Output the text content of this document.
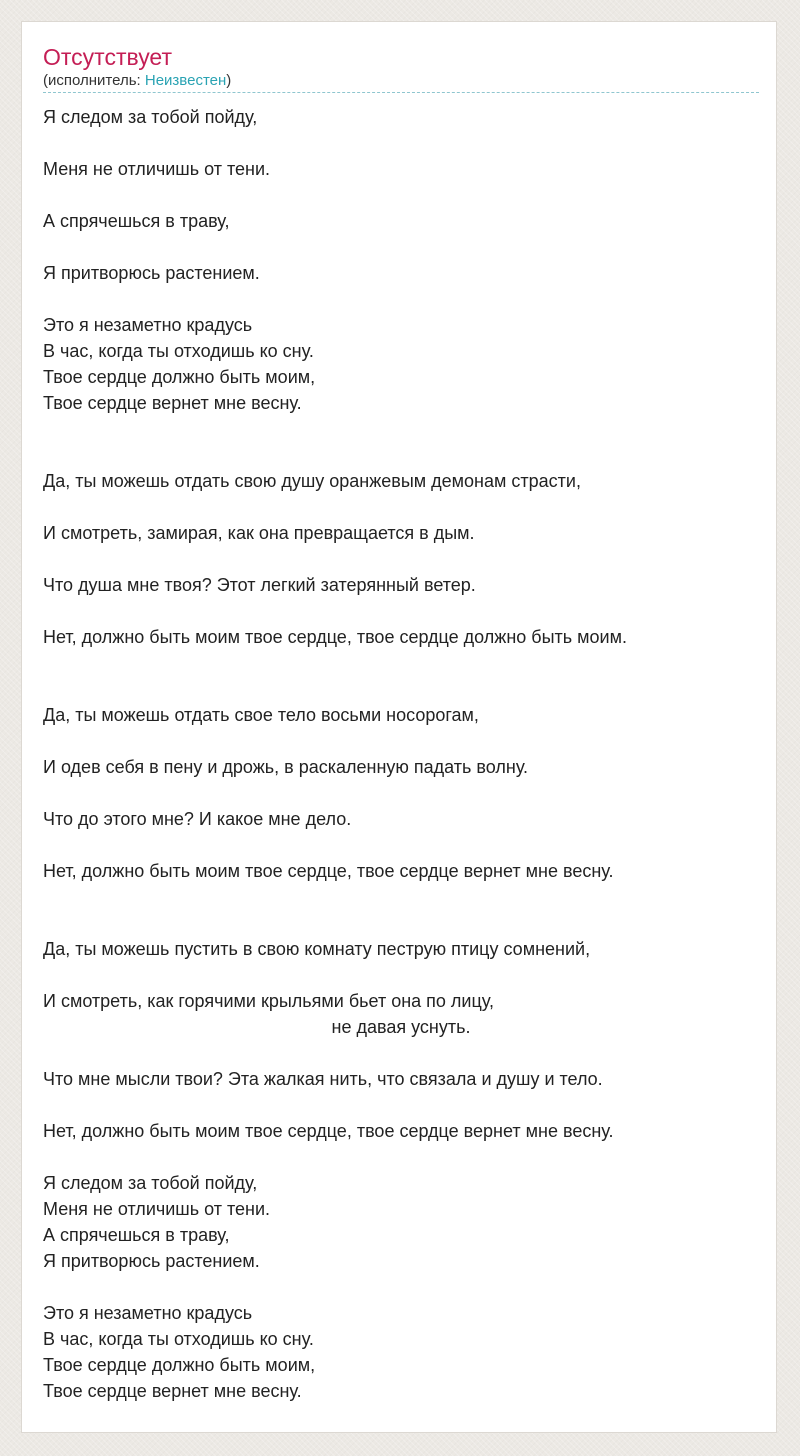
Отсутствует
(исполнитель: Неизвестен)
Я следом за тобой пойду,
Меня не отличишь от тени.
А спрячешься в траву,
Я притворюсь растением.
Это я незаметно крадусь
В час, когда ты отходишь ко сну.
Твое сердце должно быть моим,
Твое сердце вернет мне весну.
Да, ты можешь отдать свою душу оранжевым демонам страсти,
И смотреть, замирая, как она превращается в дым.
Что душа мне твоя? Этот легкий затерянный ветер.
Нет, должно быть моим твое сердце, твое сердце должно быть моим.
Да, ты можешь отдать свое тело восьми носорогам,
И одев себя в пену и дрожь, в раскаленную падать волну.
Что до этого мне? И какое мне дело.
Нет, должно быть моим твое сердце, твое сердце вернет мне весну.
Да, ты можешь пустить в свою комнату пеструю птицу сомнений,
И смотреть, как горячими крыльями бьет она по лицу,
не давая уснуть.
Что мне мысли твои? Эта жалкая нить, что связала и душу и тело.
Нет, должно быть моим твое сердце, твое сердце вернет мне весну.
Я следом за тобой пойду,
Меня не отличишь от тени.
А спрячешься в траву,
Я притворюсь растением.
Это я незаметно крадусь
В час, когда ты отходишь ко сну.
Твое сердце должно быть моим,
Твое сердце вернет мне весну.
